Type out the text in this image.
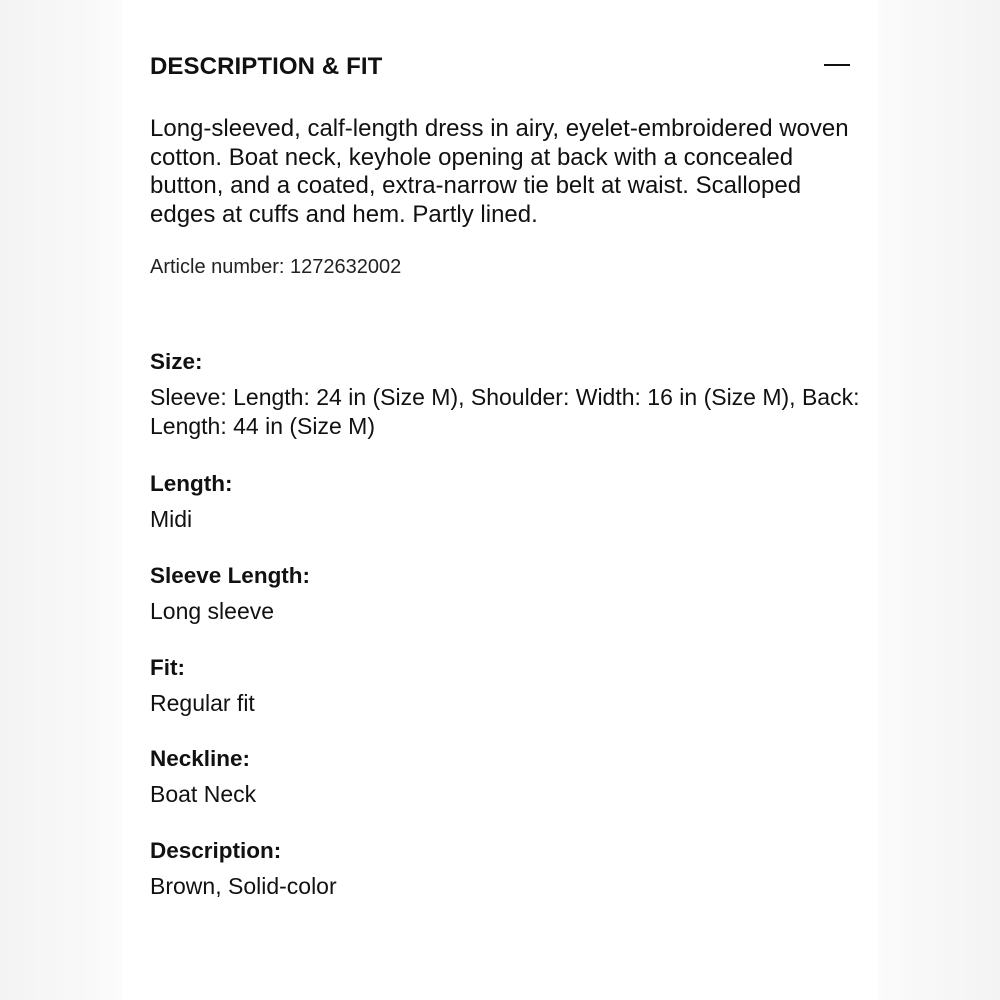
DESCRIPTION & FIT
Long-sleeved, calf-length dress in airy, eyelet-embroidered woven cotton. Boat neck, keyhole opening at back with a concealed button, and a coated, extra-narrow tie belt at waist. Scalloped edges at cuffs and hem. Partly lined.
Article number: 1272632002
Size:
Sleeve: Length: 24 in (Size M), Shoulder: Width: 16 in (Size M), Back: Length: 44 in (Size M)
Length:
Midi
Sleeve Length:
Long sleeve
Fit:
Regular fit
Neckline:
Boat Neck
Description:
Brown, Solid-color
